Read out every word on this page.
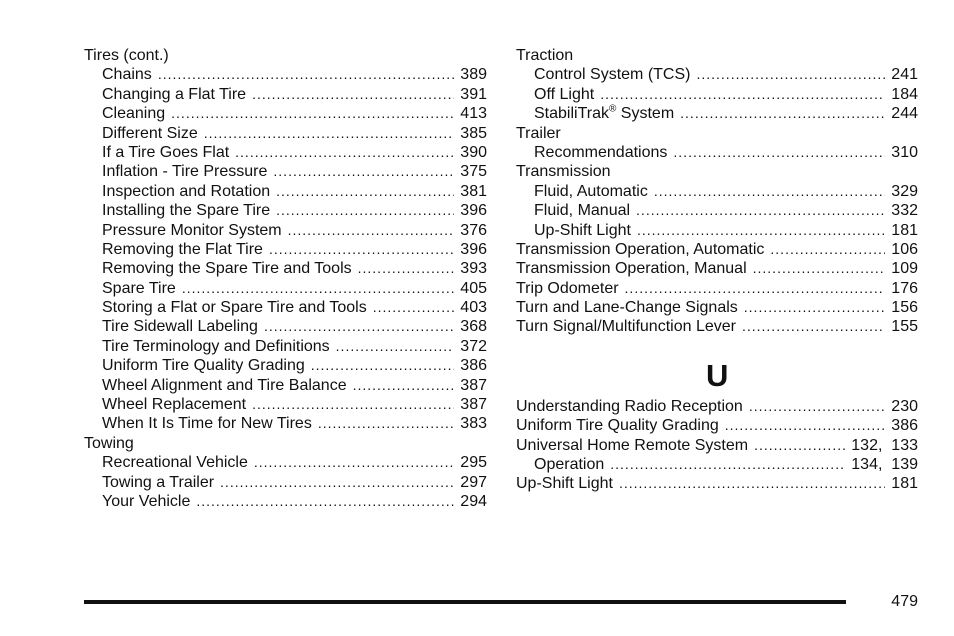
Tires (cont.)
Chains .....	389
Changing a Flat Tire .....	391
Cleaning .....	413
Different Size .....	385
If a Tire Goes Flat .....	390
Inflation - Tire Pressure .....	375
Inspection and Rotation .....	381
Installing the Spare Tire .....	396
Pressure Monitor System .....	376
Removing the Flat Tire .....	396
Removing the Spare Tire and Tools .....	393
Spare Tire .....	405
Storing a Flat or Spare Tire and Tools .....	403
Tire Sidewall Labeling .....	368
Tire Terminology and Definitions .....	372
Uniform Tire Quality Grading .....	386
Wheel Alignment and Tire Balance .....	387
Wheel Replacement .....	387
When It Is Time for New Tires .....	383
Towing
Recreational Vehicle .....	295
Towing a Trailer .....	297
Your Vehicle .....	294
Traction
Control System (TCS) .....	241
Off Light .....	184
StabiliTrak® System .....	244
Trailer
Recommendations .....	310
Transmission
Fluid, Automatic .....	329
Fluid, Manual .....	332
Up-Shift Light .....	181
Transmission Operation, Automatic .....	106
Transmission Operation, Manual .....	109
Trip Odometer .....	176
Turn and Lane-Change Signals .....	156
Turn Signal/Multifunction Lever .....	155
U
Understanding Radio Reception .....	230
Uniform Tire Quality Grading .....	386
Universal Home Remote System .....	132,  133
Operation .....	134,  139
Up-Shift Light .....	181
479
